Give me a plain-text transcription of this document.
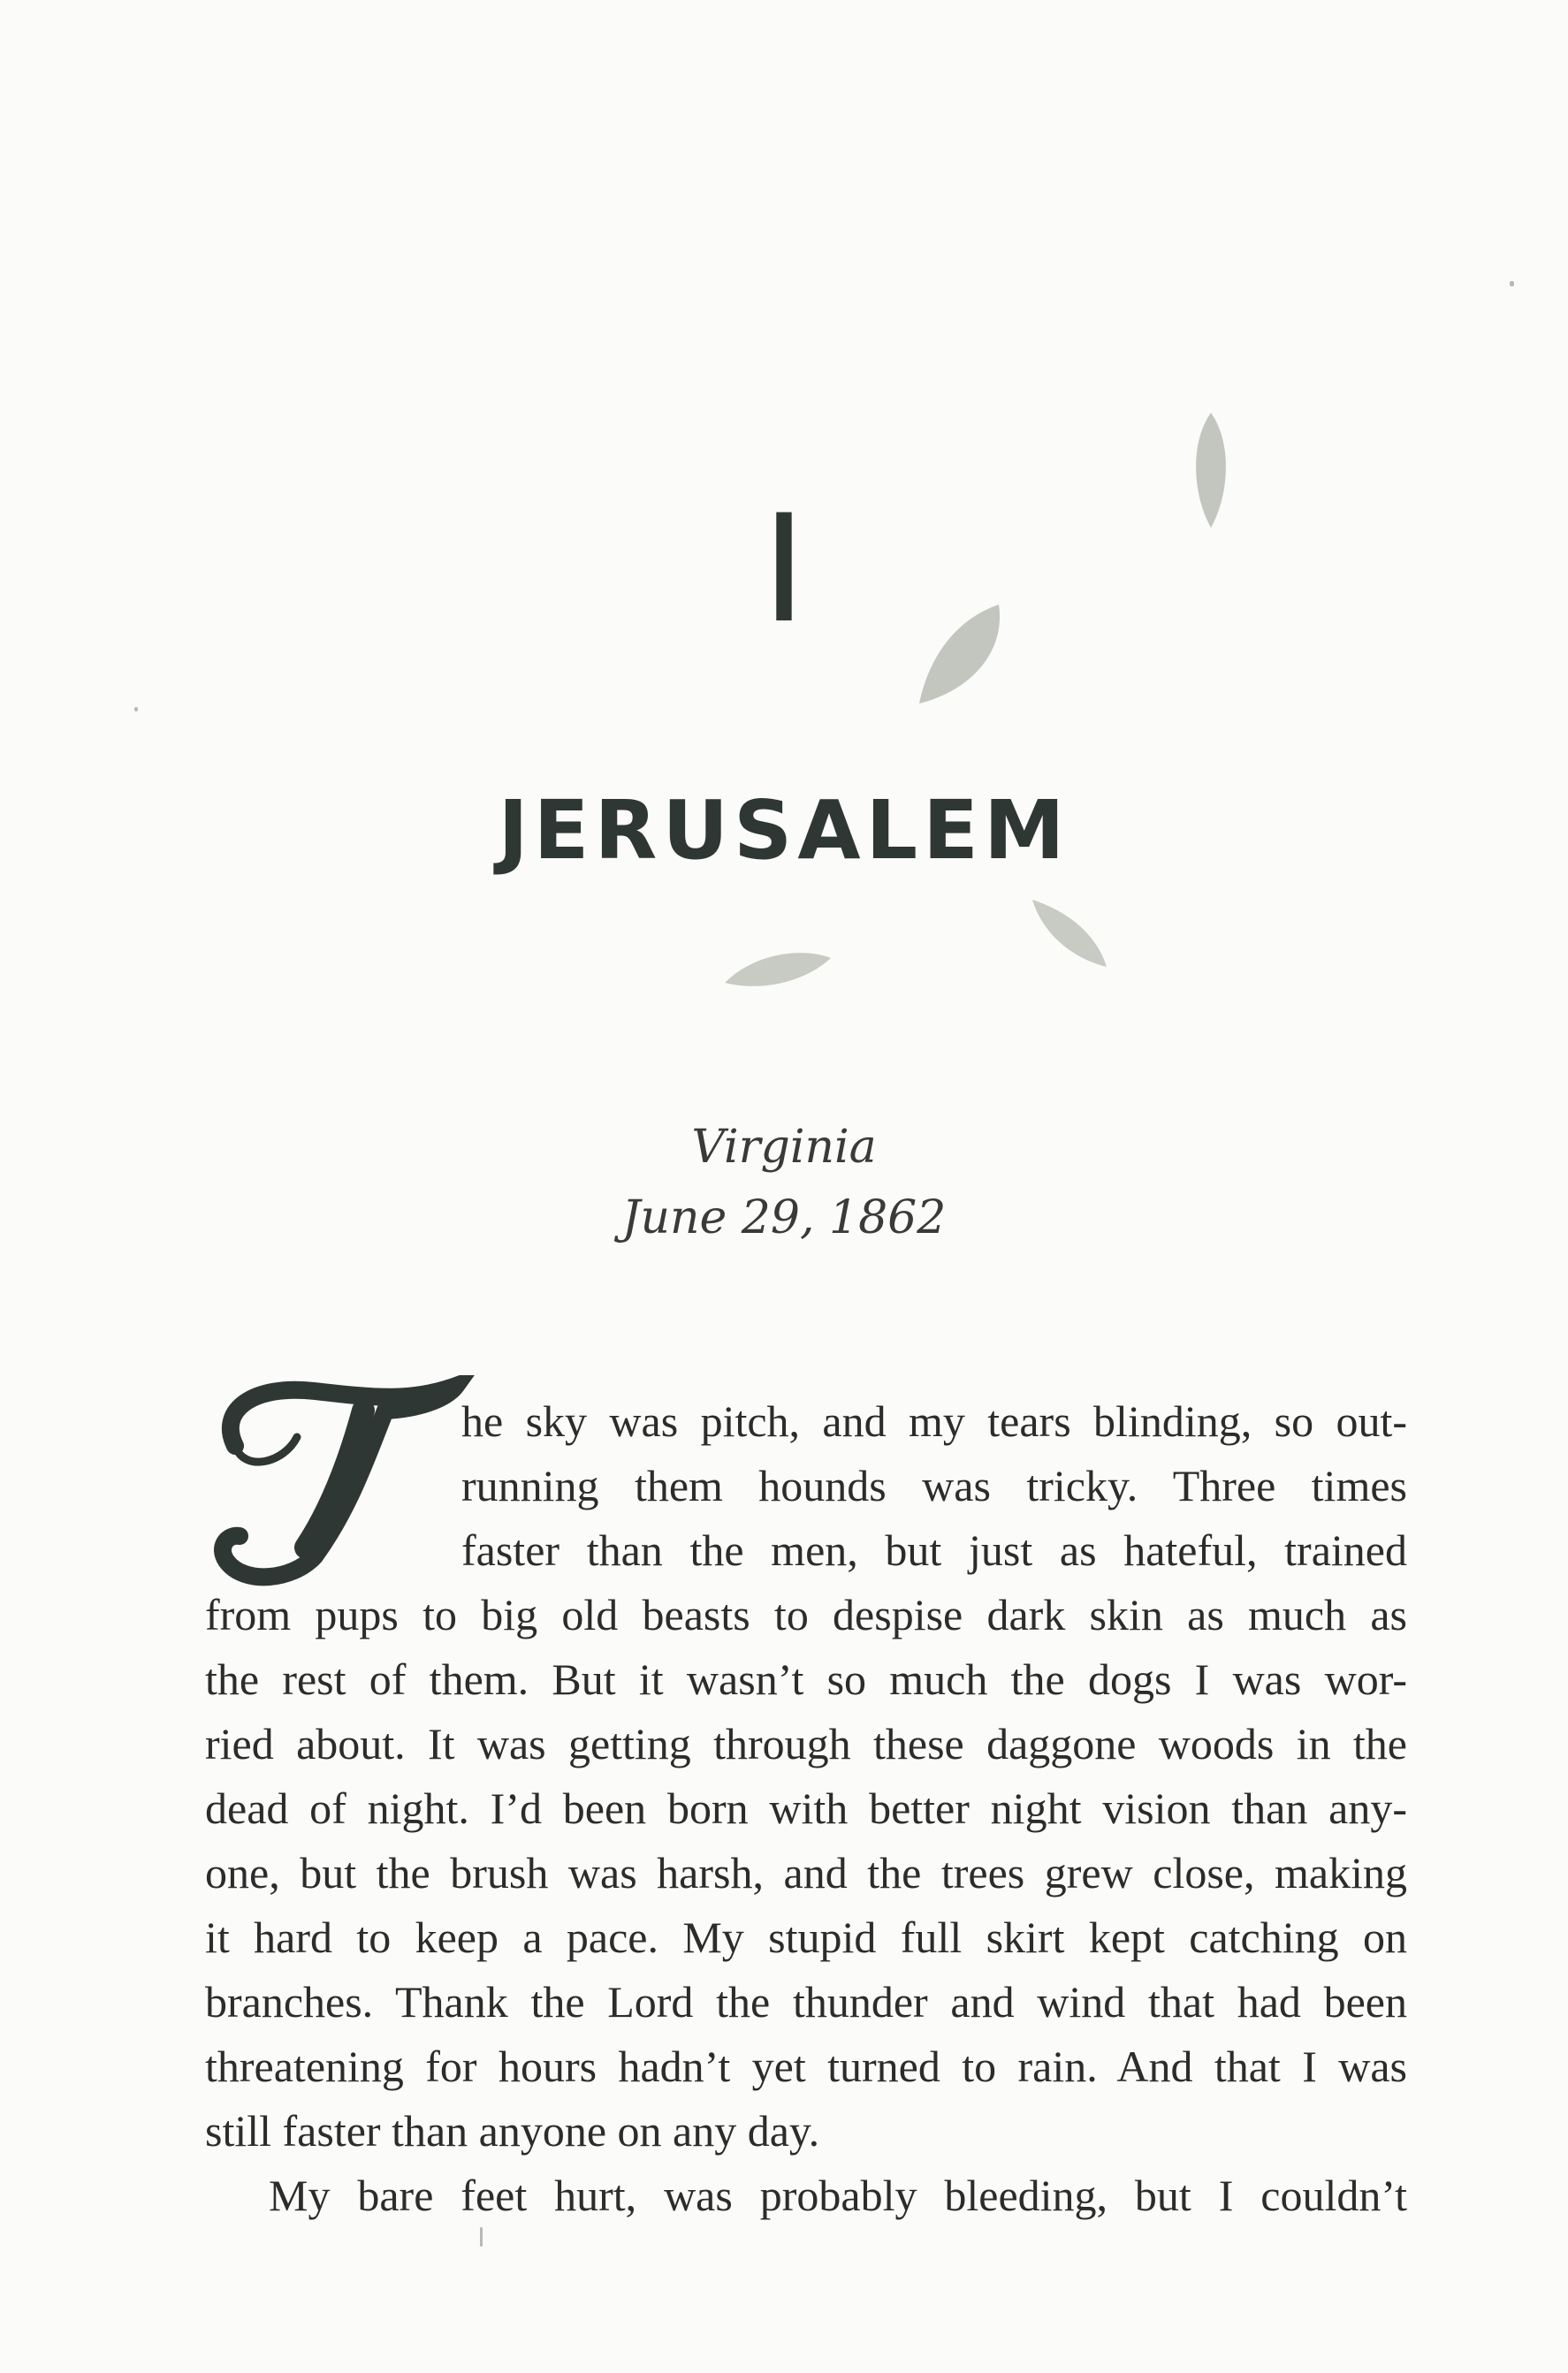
I
JERUSALEM
Virginia
June 29, 1862
he sky was pitch, and my tears blinding, so out-
running them hounds was tricky. Three times
faster than the men, but just as hateful, trained
from pups to big old beasts to despise dark skin as much as
the rest of them. But it wasn’t so much the dogs I was wor-
ried about. It was getting through these daggone woods in the
dead of night. I’d been born with better night vision than any-
one, but the brush was harsh, and the trees grew close, making
it hard to keep a pace. My stupid full skirt kept catching on
branches. Thank the Lord the thunder and wind that had been
threatening for hours hadn’t yet turned to rain. And that I was
still faster than anyone on any day.
My bare feet hurt, was probably bleeding, but I couldn’t
